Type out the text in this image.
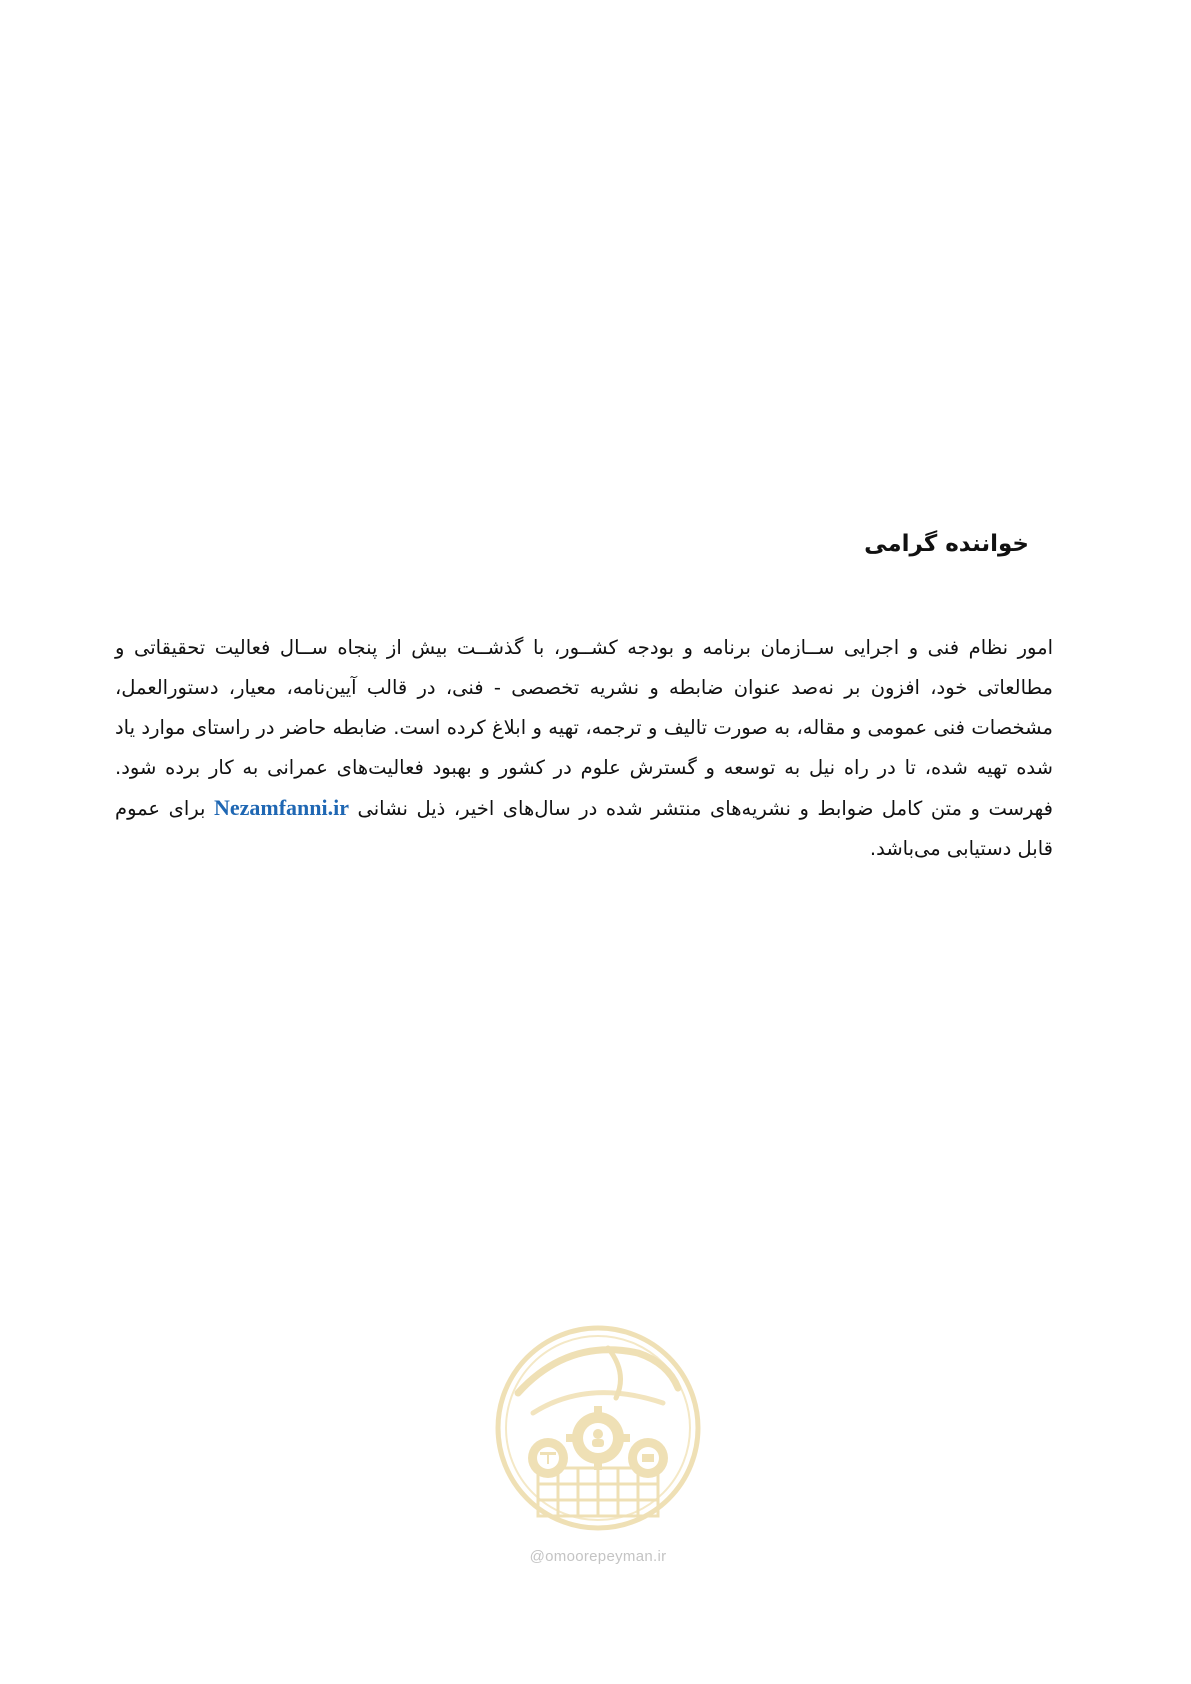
خواننده گرامی

امور نظام فنی و اجرایی ســازمان برنامه و بودجه کشــور، با گذشــت بیش از پنجاه ســال فعالیت تحقیقاتی و مطالعاتی خود، افزون بر نه‌صد عنوان ضابطه و نشریه تخصصی - فنی، در قالب آیین‌نامه، معیار، دستورالعمل، مشخصات فنی عمومی و مقاله، به صورت تالیف و ترجمه، تهیه و ابلاغ کرده است. ضابطه حاضر در راستای موارد یاد شده تهیه شده، تا در راه نیل به توسعه و گسترش علوم در کشور و بهبود فعالیت‌های عمرانی به کار برده شود. فهرست و متن کامل ضوابط و نشریه‌های منتشر شده در سال‌های اخیر، ذیل نشانی Nezamfanni.ir برای عموم قابل دستیابی می‌باشد.

@omoorepeyman.ir
